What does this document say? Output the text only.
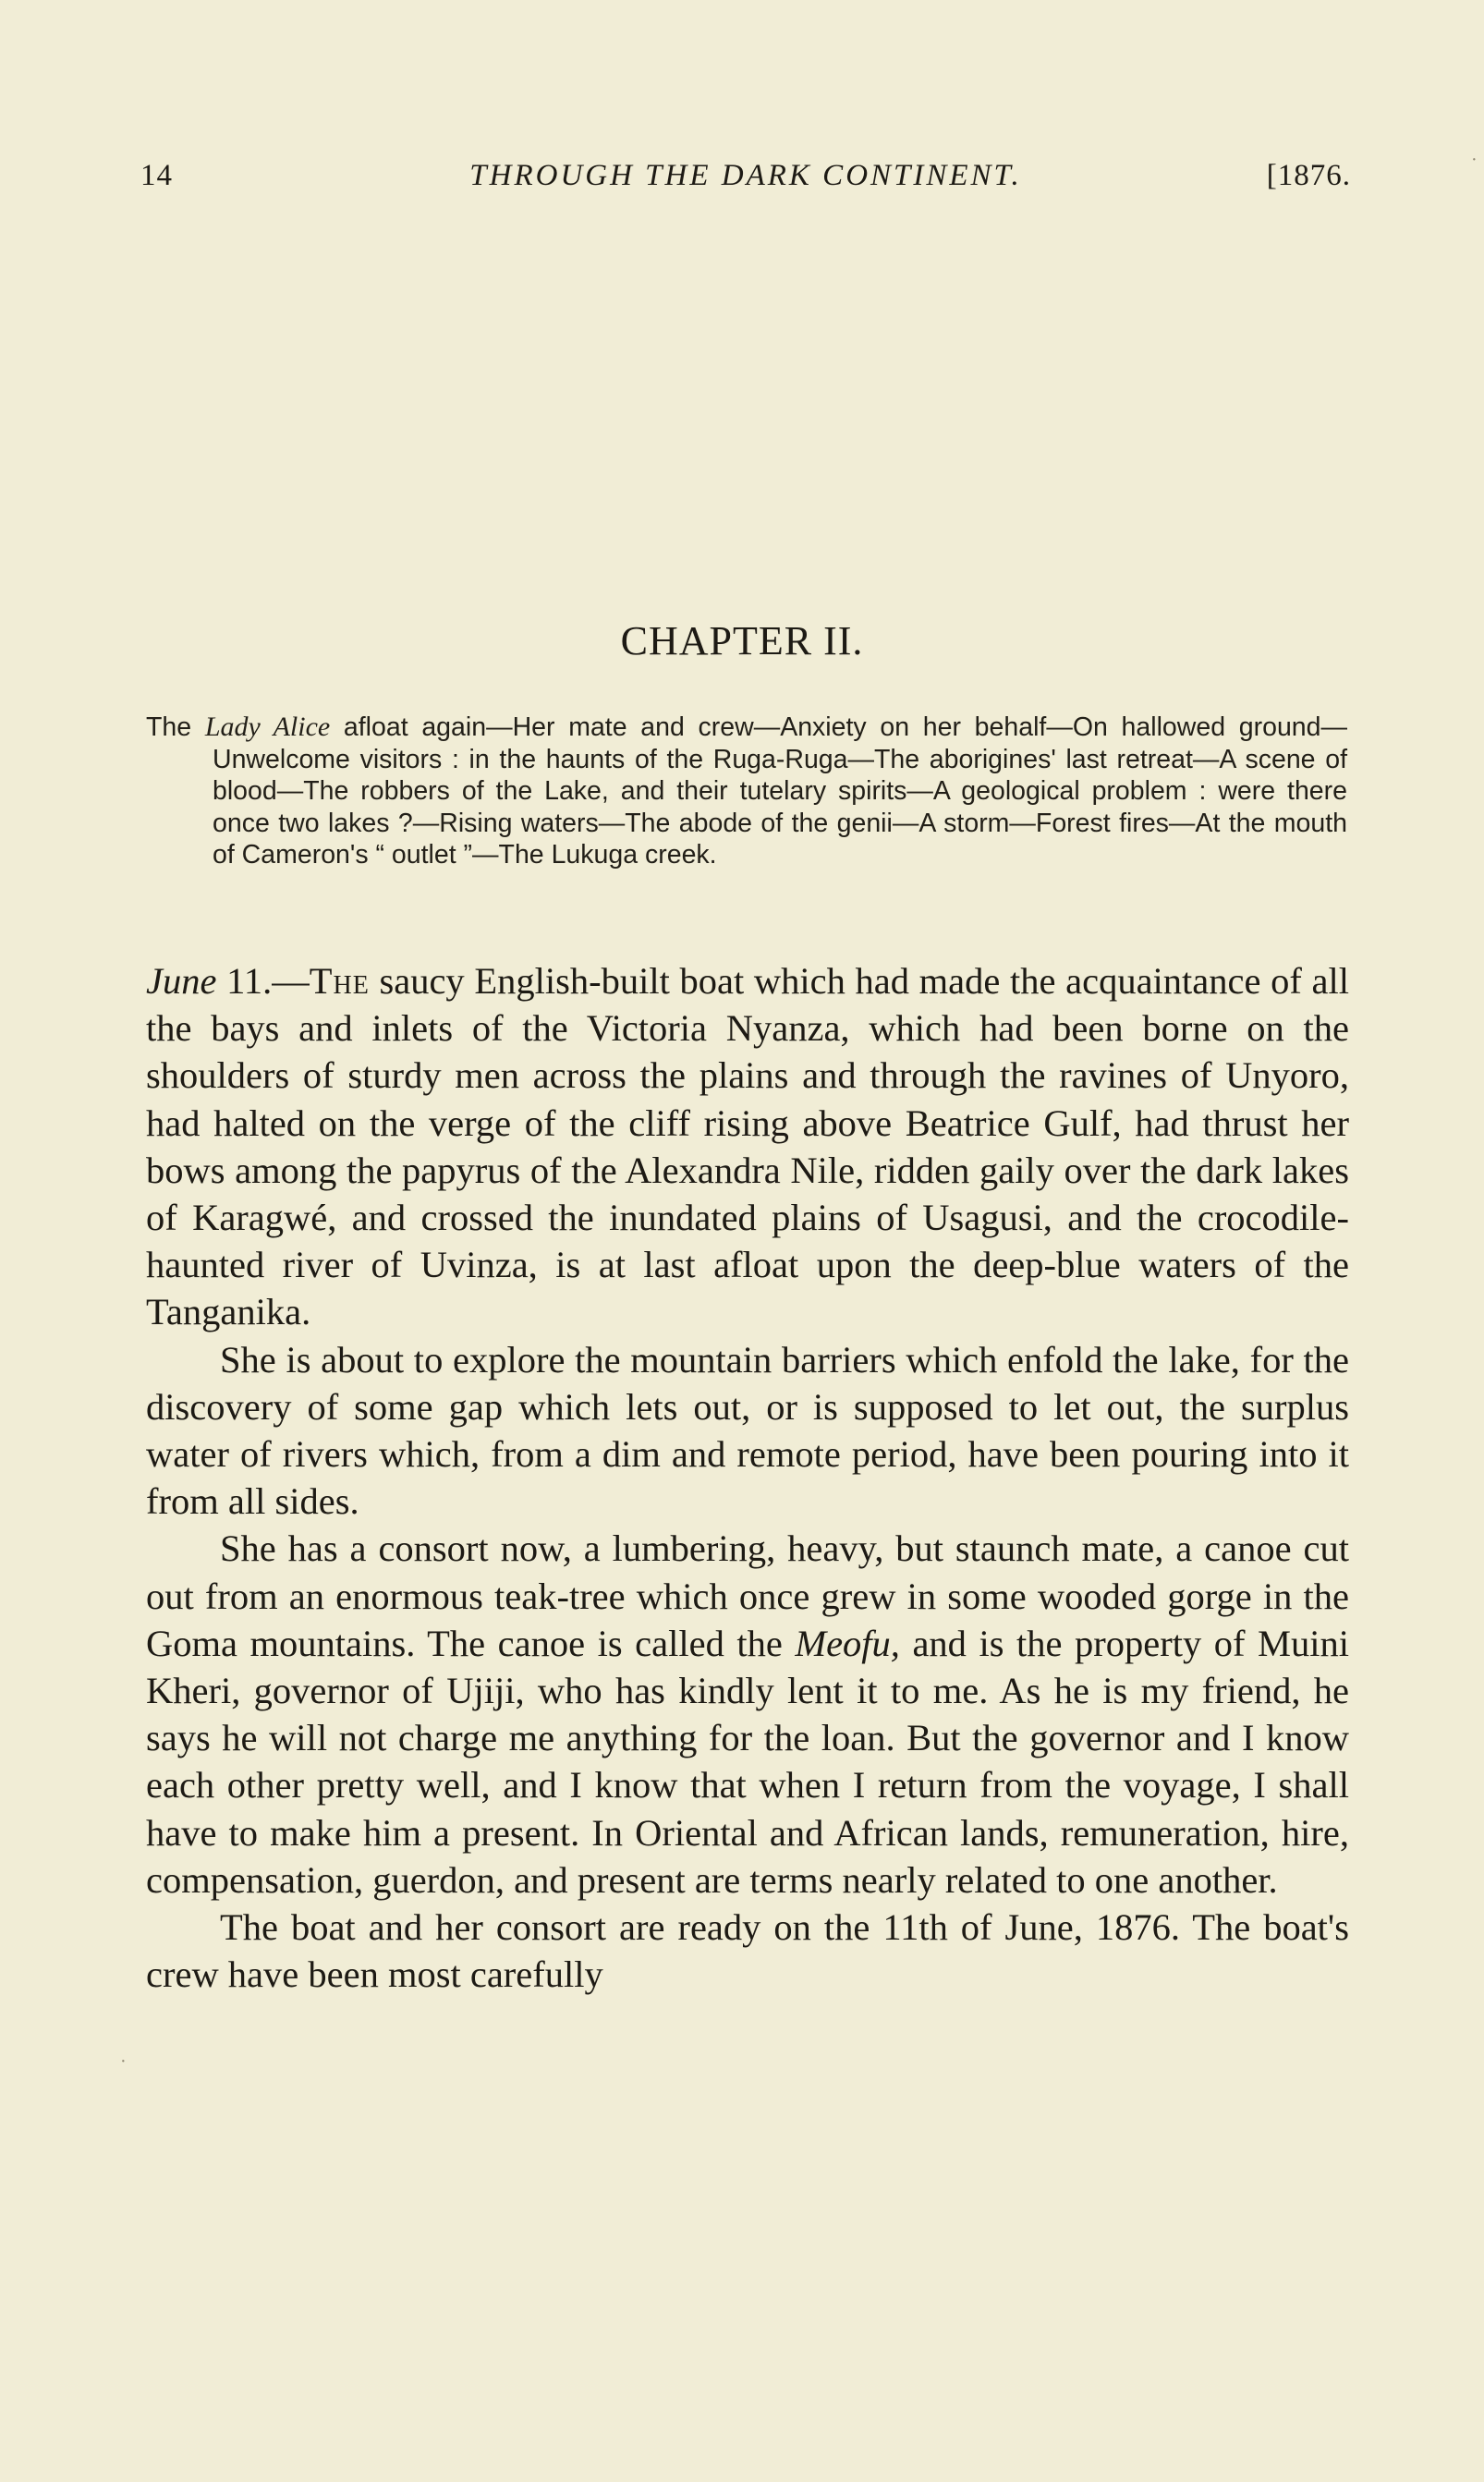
14	THROUGH THE DARK CONTINENT.	[1876.	·
CHAPTER II.
The Lady Alice afloat again—Her mate and crew—Anxiety on her behalf—On hallowed ground—Unwelcome visitors : in the haunts of the Ruga-Ruga—The aborigines' last retreat—A scene of blood—The robbers of the Lake, and their tutelary spirits—A geological problem : were there once two lakes ?—Rising waters—The abode of the genii—A storm—Forest fires—At the mouth of Cameron's “ outlet ”—The Lukuga creek.

June 11.—The saucy English-built boat which had made the acquaintance of all the bays and inlets of the Victoria Nyanza, which had been borne on the shoulders of sturdy men across the plains and through the ravines of Unyoro, had halted on the verge of the cliff rising above Beatrice Gulf, had thrust her bows among the papyrus of the Alexandra Nile, ridden gaily over the dark lakes of Karagwé, and crossed the inundated plains of Usagusi, and the crocodile-haunted river of Uvinza, is at last afloat upon the deep-blue waters of the Tanganika.

She is about to explore the mountain barriers which enfold the lake, for the discovery of some gap which lets out, or is supposed to let out, the surplus water of rivers which, from a dim and remote period, have been pouring into it from all sides.

She has a consort now, a lumbering, heavy, but staunch mate, a canoe cut out from an enormous teak-tree which once grew in some wooded gorge in the Goma mountains. The canoe is called the Meofu, and is the property of Muini Kheri, governor of Ujiji, who has kindly lent it to me. As he is my friend, he says he will not charge me anything for the loan. But the governor and I know each other pretty well, and I know that when I return from the voyage, I shall have to make him a present. In Oriental and African lands, remuneration, hire, compensation, guerdon, and present are terms nearly related to one another.

The boat and her consort are ready on the 11th of June, 1876. The boat's crew have been most carefully

·
